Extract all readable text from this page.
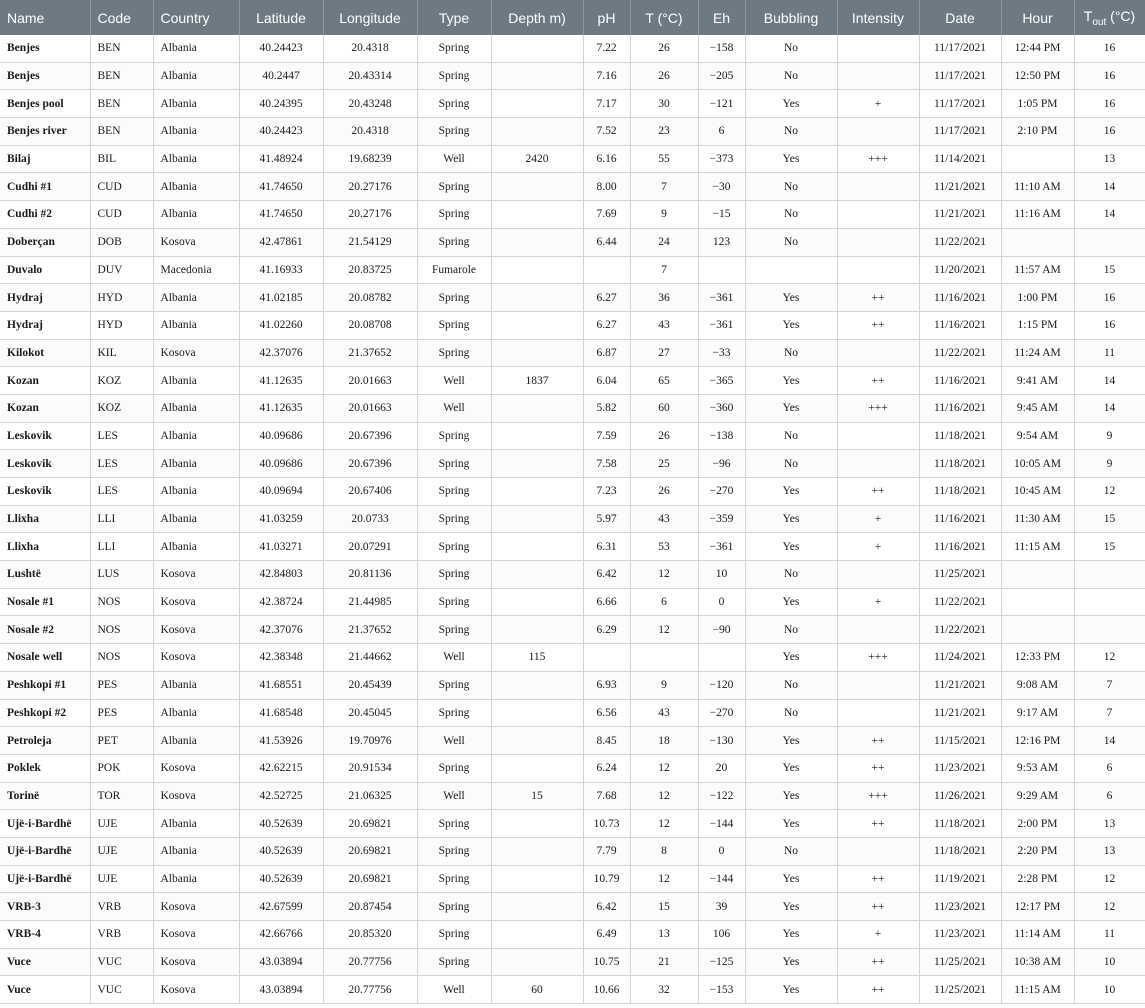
Name	Code	Country	Latitude	Longitude	Type	Depth m)	pH	T (°C)	Eh	Bubbling	Intensity	Date	Hour	$T_{out}$ (°C)
Benjes	BEN	Albania	40.24423	20.4318	Spring		7.22	26	−158	No		11/17/2021	12:44 PM	16
Benjes	BEN	Albania	40.2447	20.43314	Spring		7.16	26	−205	No		11/17/2021	12:50 PM	16
Benjes pool	BEN	Albania	40.24395	20.43248	Spring		7.17	30	−121	Yes	+	11/17/2021	1:05 PM	16
Benjes river	BEN	Albania	40.24423	20.4318	Spring		7.52	23	6	No		11/17/2021	2:10 PM	16
Bilaj	BIL	Albania	41.48924	19.68239	Well	2420	6.16	55	−373	Yes	+++	11/14/2021		13
Cudhi #1	CUD	Albania	41.74650	20.27176	Spring		8.00	7	−30	No		11/21/2021	11:10 AM	14
Cudhi #2	CUD	Albania	41.74650	20.27176	Spring		7.69	9	−15	No		11/21/2021	11:16 AM	14
Doberçan	DOB	Kosova	42.47861	21.54129	Spring		6.44	24	123	No		11/22/2021		
Duvalo	DUV	Macedonia	41.16933	20.83725	Fumarole			7				11/20/2021	11:57 AM	15
Hydraj	HYD	Albania	41.02185	20.08782	Spring		6.27	36	−361	Yes	++	11/16/2021	1:00 PM	16
Hydraj	HYD	Albania	41.02260	20.08708	Spring		6.27	43	−361	Yes	++	11/16/2021	1:15 PM	16
Kilokot	KIL	Kosova	42.37076	21.37652	Spring		6.87	27	−33	No		11/22/2021	11:24 AM	11
Kozan	KOZ	Albania	41.12635	20.01663	Well	1837	6.04	65	−365	Yes	++	11/16/2021	9:41 AM	14
Kozan	KOZ	Albania	41.12635	20.01663	Well		5.82	60	−360	Yes	+++	11/16/2021	9:45 AM	14
Leskovik	LES	Albania	40.09686	20.67396	Spring		7.59	26	−138	No		11/18/2021	9:54 AM	9
Leskovik	LES	Albania	40.09686	20.67396	Spring		7.58	25	−96	No		11/18/2021	10:05 AM	9
Leskovik	LES	Albania	40.09694	20.67406	Spring		7.23	26	−270	Yes	++	11/18/2021	10:45 AM	12
Llixha	LLI	Albania	41.03259	20.0733	Spring		5.97	43	−359	Yes	+	11/16/2021	11:30 AM	15
Llixha	LLI	Albania	41.03271	20.07291	Spring		6.31	53	−361	Yes	+	11/16/2021	11:15 AM	15
Lushtë	LUS	Kosova	42.84803	20.81136	Spring		6.42	12	10	No		11/25/2021		
Nosale #1	NOS	Kosova	42.38724	21.44985	Spring		6.66	6	0	Yes	+	11/22/2021		
Nosale #2	NOS	Kosova	42.37076	21.37652	Spring		6.29	12	−90	No		11/22/2021		
Nosale well	NOS	Kosova	42.38348	21.44662	Well	115				Yes	+++	11/24/2021	12:33 PM	12
Peshkopi #1	PES	Albania	41.68551	20.45439	Spring		6.93	9	−120	No		11/21/2021	9:08 AM	7
Peshkopi #2	PES	Albania	41.68548	20.45045	Spring		6.56	43	−270	No		11/21/2021	9:17 AM	7
Petroleja	PET	Albania	41.53926	19.70976	Well		8.45	18	−130	Yes	++	11/15/2021	12:16 PM	14
Poklek	POK	Kosova	42.62215	20.91534	Spring		6.24	12	20	Yes	++	11/23/2021	9:53 AM	6
Torinë	TOR	Kosova	42.52725	21.06325	Well	15	7.68	12	−122	Yes	+++	11/26/2021	9:29 AM	6
Ujë-i-Bardhë	UJE	Albania	40.52639	20.69821	Spring		10.73	12	−144	Yes	++	11/18/2021	2:00 PM	13
Ujë-i-Bardhë	UJE	Albania	40.52639	20.69821	Spring		7.79	8	0	No		11/18/2021	2:20 PM	13
Ujë-i-Bardhë	UJE	Albania	40.52639	20.69821	Spring		10.79	12	−144	Yes	++	11/19/2021	2:28 PM	12
VRB-3	VRB	Kosova	42.67599	20.87454	Spring		6.42	15	39	Yes	++	11/23/2021	12:17 PM	12
VRB-4	VRB	Kosova	42.66766	20.85320	Spring		6.49	13	106	Yes	+	11/23/2021	11:14 AM	11
Vuce	VUC	Kosova	43.03894	20.77756	Spring		10.75	21	−125	Yes	++	11/25/2021	10:38 AM	10
Vuce	VUC	Kosova	43.03894	20.77756	Well	60	10.66	32	−153	Yes	++	11/25/2021	11:15 AM	10
